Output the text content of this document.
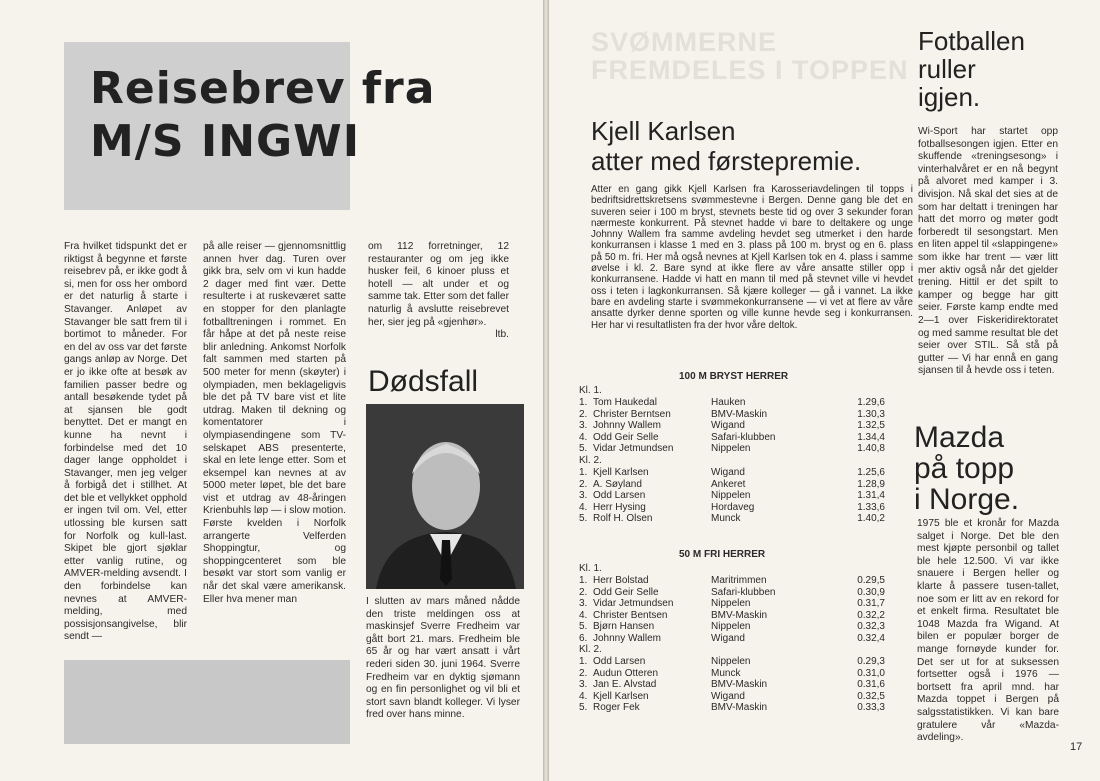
Reisebrev fra
M/S INGWI

Fra hvilket tidspunkt det er riktigst å begynne et første reisebrev på, er ikke godt å si, men for oss her ombord er det naturlig å starte i Stavanger. Anløpet av Stavanger ble satt frem til i bortimot to måneder. For en del av oss var det første gangs anløp av Norge. Det er jo ikke ofte at besøk av familien passer bedre og antall besøkende tydet på at sjansen ble godt benyttet. Det er mangt en kunne ha nevnt i forbindelse med det 10 dager lange oppholdet i Stavanger, men jeg velger å forbigå det i stillhet. At det ble et vellykket opphold er ingen tvil om. Vel, etter utlossing ble kursen satt for Norfolk og kull-last. Skipet ble gjort sjøklar etter vanlig rutine, og AMVER-melding avsendt. I den forbindelse kan nevnes at AMVER-melding, med possisjonsangivelse, blir sendt —

på alle reiser — gjennomsnittlig annen hver dag. Turen over gikk bra, selv om vi kun hadde 2 dager med fint vær. Dette resulterte i at ruskeværet satte en stopper for den planlagte fotballtreningen i rommet. En får håpe at det på neste reise blir anledning. Ankomst Norfolk falt sammen med starten på 500 meter for menn (skøyter) i olympiaden, men beklageligvis ble det på TV bare vist et lite utdrag. Maken til dekning og komentatorer i olympiasendingene som TV-selskapet ABS presenterte, skal en lete lenge etter. Som et eksempel kan nevnes at av 5000 meter løpet, ble det bare vist et utdrag av 48-åringen Krienbuhls løp — i slow motion. Første kvelden i Norfolk arrangerte Velferden Shoppingtur, og shoppingcenteret som ble besøkt var stort som vanlig er når det skal være amerikansk. Eller hva mener man

om 112 forretninger, 12 restauranter og om jeg ikke husker feil, 6 kinoer pluss et hotell — alt under et og samme tak. Etter som det faller naturlig å avslutte reisebrevet her, sier jeg på «gjenhør».

ltb.

Dødsfall

I slutten av mars måned nådde den triste meldingen oss at maskinsjef Sverre Fredheim var gått bort 21. mars. Fredheim ble 65 år og har vært ansatt i vårt rederi siden 30. juni 1964. Sverre Fredheim var en dyktig sjømann og en fin personlighet og vil bli et stort savn blandt kolleger. Vi lyser fred over hans minne.

SVØMMERNE
FREMDELES I TOPPEN
Kjell Karlsen
atter med førstepremie.

Atter en gang gikk Kjell Karlsen fra Karosseriavdelingen til topps i bedriftsidrettskretsens svømmestevne i Bergen. Denne gang ble det en suveren seier i 100 m bryst, stevnets beste tid og over 3 sekunder foran nærmeste konkurrent. På stevnet hadde vi bare to deltakere og unge Johnny Wallem fra samme avdeling hevdet seg utmerket i den harde konkurransen i klasse 1 med en 3. plass på 100 m. bryst og en 6. plass på 50 m. fri. Her må også nevnes at Kjell Karlsen tok en 4. plass i samme øvelse i kl. 2. Bare synd at ikke flere av våre ansatte stiller opp i konkurransene. Hadde vi hatt en mann til med på stevnet ville vi hevdet oss i teten i lagkonkurransen. Så kjære kolleger — gå i vannet. La ikke bare en avdeling starte i svømmekonkurransene — vi vet at flere av våre ansatte dyrker denne sporten og ville kunne hevde seg i konkurransen. Her har vi resultatlisten fra der hvor våre deltok.

100 M BRYST HERRER
Kl. 1.
1.	Tom Haukedal	Hauken	1.29,6
2.	Christer Berntsen	BMV-Maskin	1.30,3
3.	Johnny Wallem	Wigand	1.32,5
4.	Odd Geir Selle	Safari-klubben	1.34,4
5.	Vidar Jetmundsen	Nippelen	1.40,8
Kl. 2.
1.	Kjell Karlsen	Wigand	1.25,6
2.	A. Søyland	Ankeret	1.28,9
3.	Odd Larsen	Nippelen	1.31,4
4.	Herr Hysing	Hordaveg	1.33,6
5.	Rolf H. Olsen	Munck	1.40,2
50 M FRI HERRER
Kl. 1.
1.	Herr Bolstad	Maritrimmen	0.29,5
2.	Odd Geir Selle	Safari-klubben	0.30,9
3.	Vidar Jetmundsen	Nippelen	0.31,7
4.	Christer Bentsen	BMV-Maskin	0.32,2
5.	Bjørn Hansen	Nippelen	0.32,3
6.	Johnny Wallem	Wigand	0.32,4
Kl. 2.
1.	Odd Larsen	Nippelen	0.29,3
2.	Audun Otteren	Munck	0.31,0
3.	Jan E. Alvstad	BMV-Maskin	0.31,6
4.	Kjell Karlsen	Wigand	0.32,5
5.	Roger Fek	BMV-Maskin	0.33,3
Fotballen
ruller
igjen.

Wi-Sport har startet opp fotballsesongen igjen. Etter en skuffende «treningsesong» i vinterhalvåret er en nå begynt på alvoret med kamper i 3. divisjon. Nå skal det sies at de som har deltatt i treningen har hatt det morro og møter godt forberedt til sesongstart. Men en liten appel til «slappingene» som ikke har trent — vær litt mer aktiv også når det gjelder trening. Hittil er det spilt to kamper og begge har gitt seier. Første kamp endte med 2—1 over Fiskeridirektoratet og med samme resultat ble det seier over STIL. Så stå på gutter — Vi har ennå en gang sjansen til å hevde oss i teten.

Mazda
på topp
i Norge.

1975 ble et kronår for Mazda salget i Norge. Det ble den mest kjøpte personbil og tallet ble hele 12.500. Vi var ikke snauere i Bergen heller og klarte å passere tusen-tallet, noe som er litt av en rekord for et enkelt firma. Resultatet ble 1048 Mazda fra Wigand. At bilen er populær borger de mange fornøyde kunder for. Det ser ut for at suksessen fortsetter også i 1976 — bortsett fra april mnd. har Mazda toppet i Bergen på salgsstatistikken. Vi kan bare gratulere vår «Mazda-avdeling».

17
